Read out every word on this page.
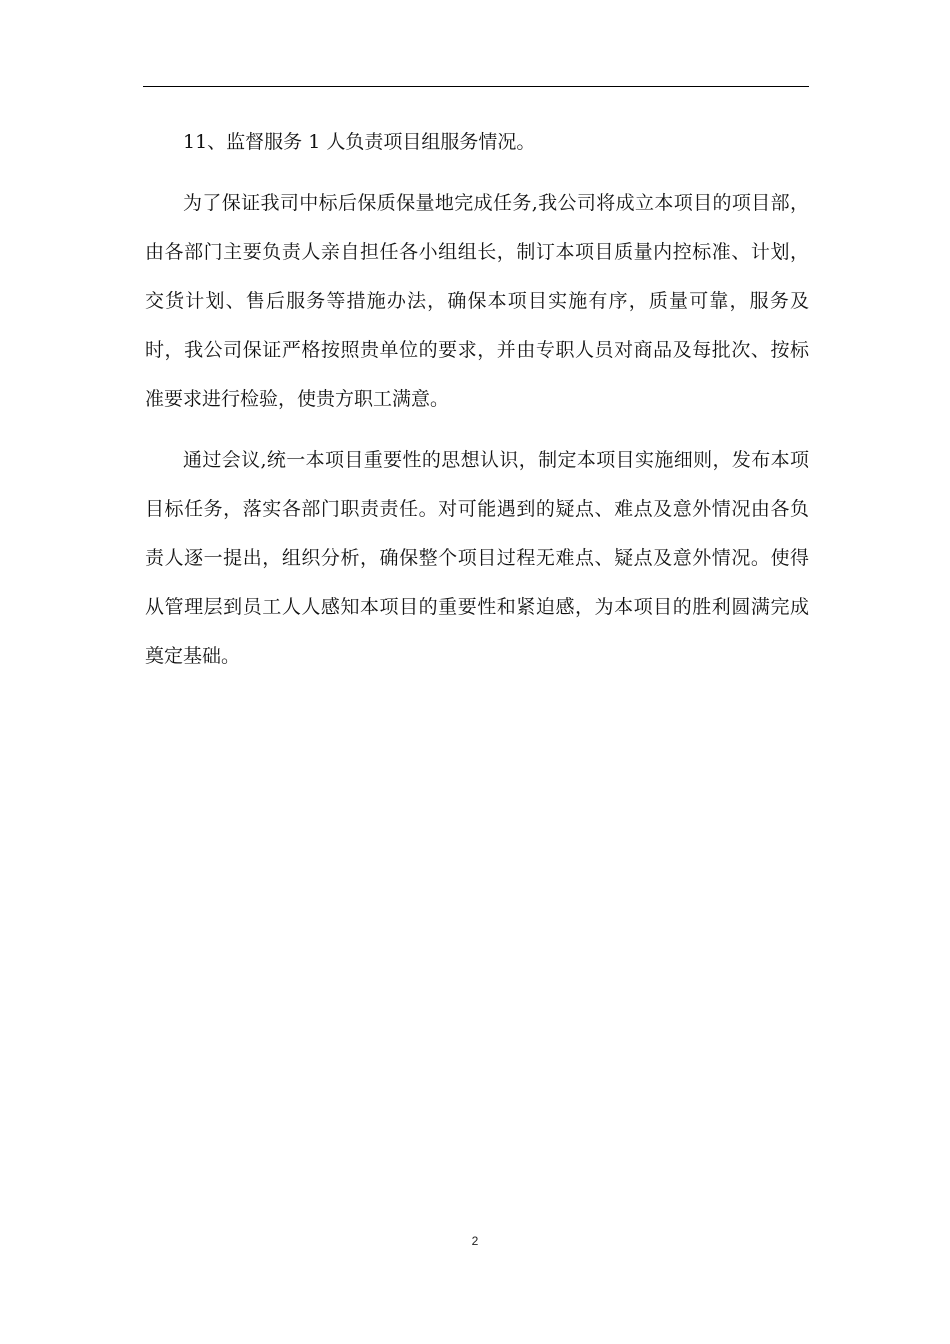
11、监督服务 1 人负责项目组服务情况。

为了保证我司中标后保质保量地完成任务,我公司将成立本项目的项目部，由各部门主要负责人亲自担任各小组组长，制订本项目质量内控标准、计划，交货计划、售后服务等措施办法，确保本项目实施有序，质量可靠，服务及时，我公司保证严格按照贵单位的要求，并由专职人员对商品及每批次、按标准要求进行检验，使贵方职工满意。

通过会议,统一本项目重要性的思想认识，制定本项目实施细则，发布本项目标任务，落实各部门职责责任。对可能遇到的疑点、难点及意外情况由各负责人逐一提出，组织分析，确保整个项目过程无难点、疑点及意外情况。使得从管理层到员工人人感知本项目的重要性和紧迫感，为本项目的胜利圆满完成奠定基础。

2
